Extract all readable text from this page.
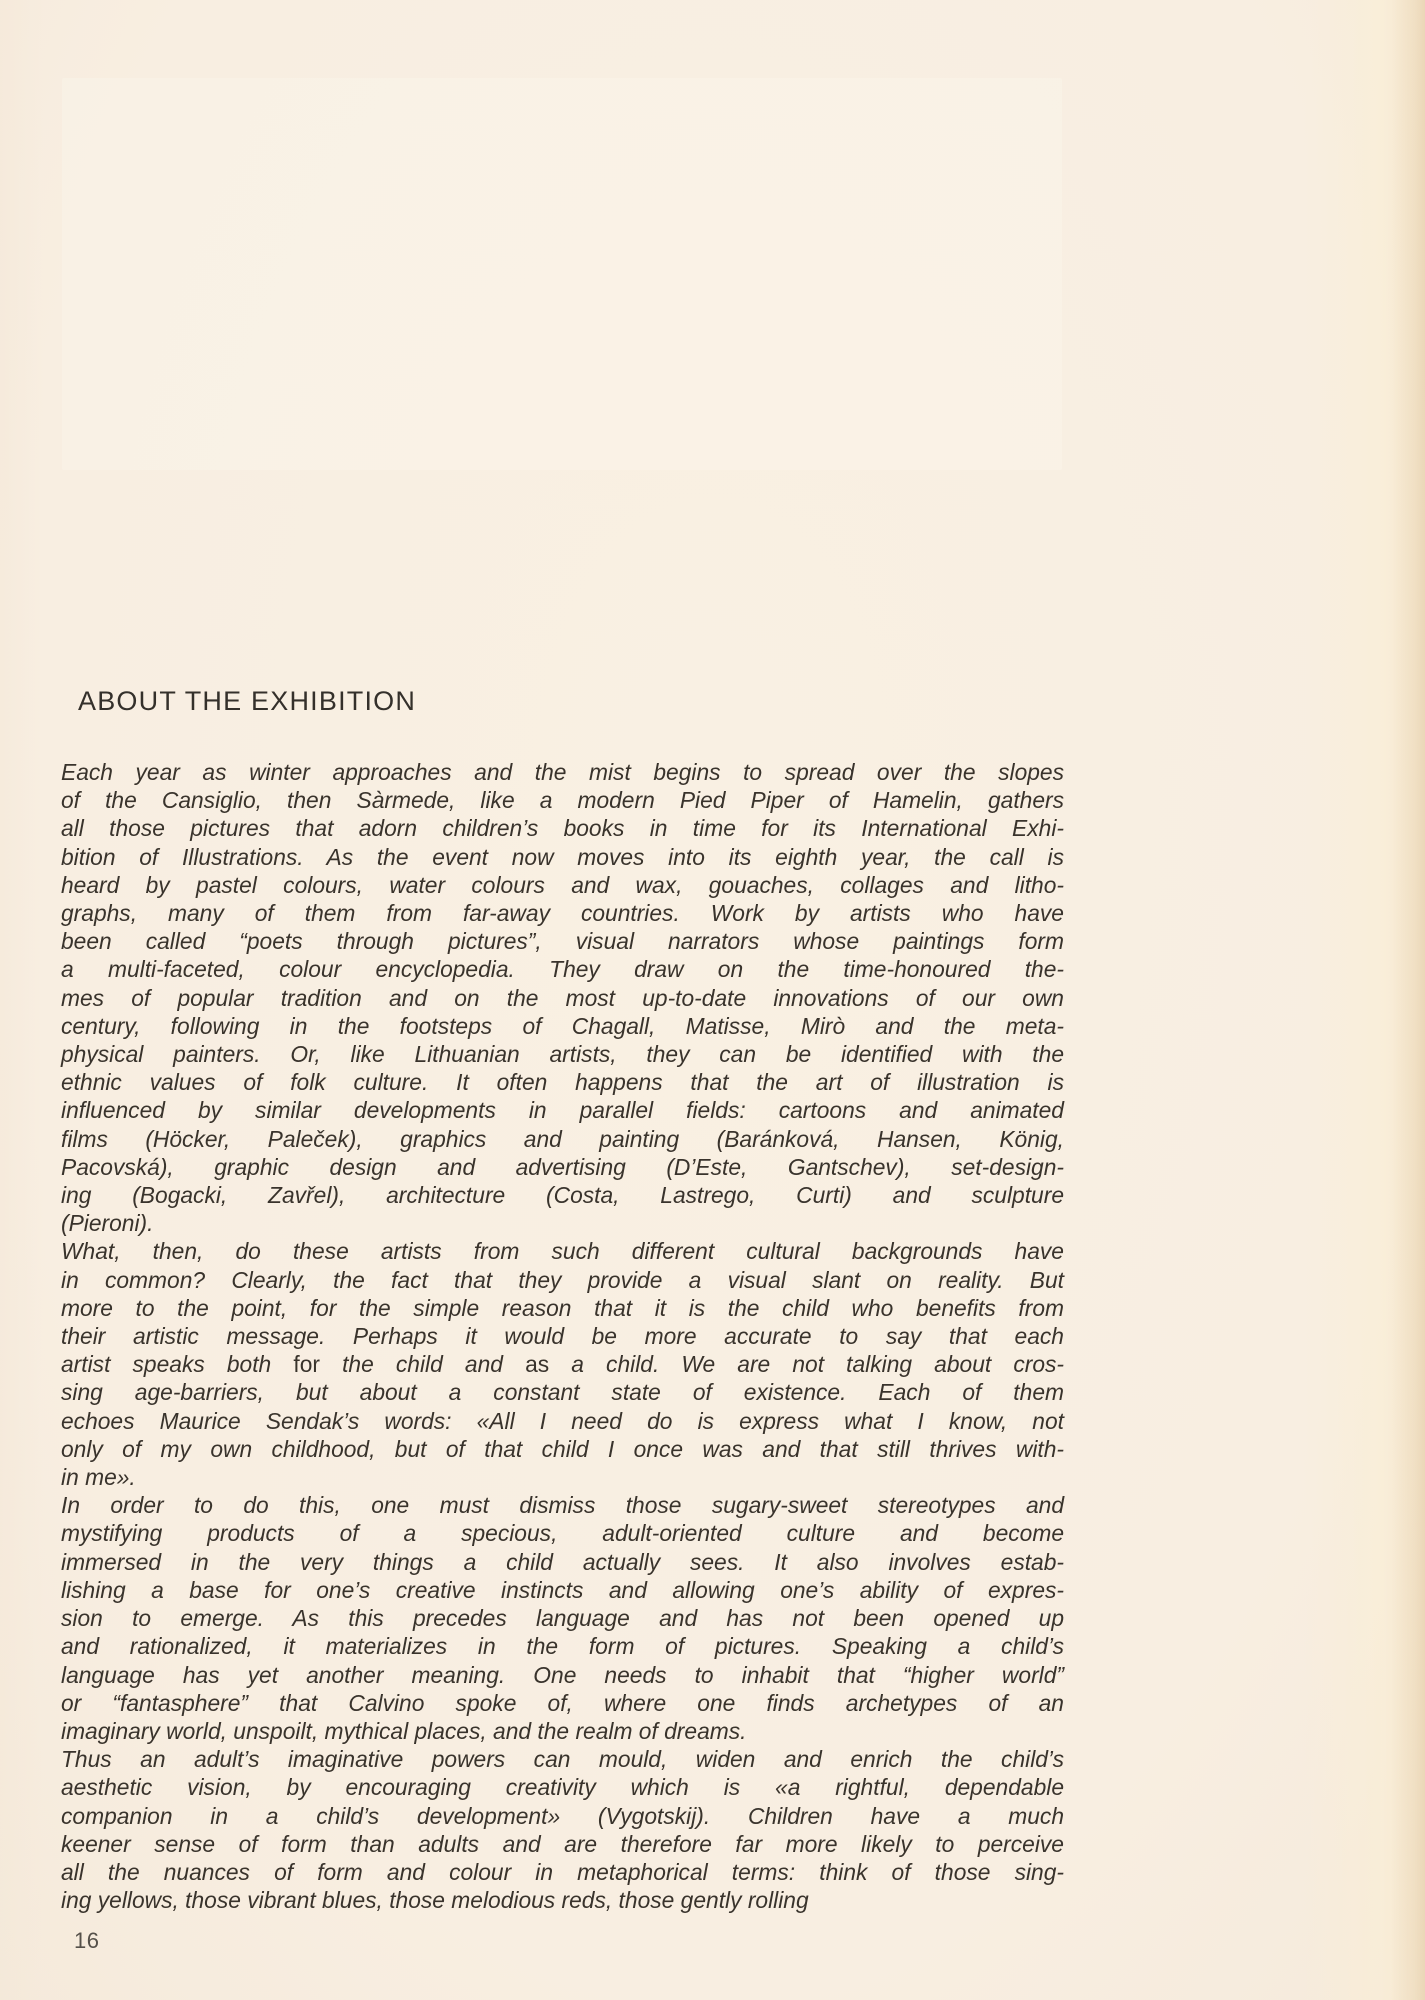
ABOUT THE EXHIBITION
Each year as winter approaches and the mist begins to spread over the slopes
of the Cansiglio, then Sàrmede, like a modern Pied Piper of Hamelin, gathers
all those pictures that adorn children’s books in time for its International Exhi-
bition of Illustrations. As the event now moves into its eighth year, the call is
heard by pastel colours, water colours and wax, gouaches, collages and litho-
graphs, many of them from far-away countries. Work by artists who have
been called “poets through pictures”, visual narrators whose paintings form
a multi-faceted, colour encyclopedia. They draw on the time-honoured the-
mes of popular tradition and on the most up-to-date innovations of our own
century, following in the footsteps of Chagall, Matisse, Mirò and the meta-
physical painters. Or, like Lithuanian artists, they can be identified with the
ethnic values of folk culture. It often happens that the art of illustration is
influenced by similar developments in parallel fields: cartoons and animated
films (Höcker, Paleček), graphics and painting (Baránková, Hansen, König,
Pacovská), graphic design and advertising (D’Este, Gantschev), set-design-
ing (Bogacki, Zavřel), architecture (Costa, Lastrego, Curti) and sculpture
(Pieroni).
What, then, do these artists from such different cultural backgrounds have
in common? Clearly, the fact that they provide a visual slant on reality. But
more to the point, for the simple reason that it is the child who benefits from
their artistic message. Perhaps it would be more accurate to say that each
artist speaks both for the child and as a child. We are not talking about cros-
sing age-barriers, but about a constant state of existence. Each of them
echoes Maurice Sendak’s words: «All I need do is express what I know, not
only of my own childhood, but of that child I once was and that still thrives with-
in me».
In order to do this, one must dismiss those sugary-sweet stereotypes and
mystifying products of a specious, adult-oriented culture and become
immersed in the very things a child actually sees. It also involves estab-
lishing a base for one’s creative instincts and allowing one’s ability of expres-
sion to emerge. As this precedes language and has not been opened up
and rationalized, it materializes in the form of pictures. Speaking a child’s
language has yet another meaning. One needs to inhabit that “higher world”
or “fantasphere” that Calvino spoke of, where one finds archetypes of an
imaginary world, unspoilt, mythical places, and the realm of dreams.
Thus an adult’s imaginative powers can mould, widen and enrich the child’s
aesthetic vision, by encouraging creativity which is «a rightful, dependable
companion in a child’s development» (Vygotskij). Children have a much
keener sense of form than adults and are therefore far more likely to perceive
all the nuances of form and colour in metaphorical terms: think of those sing-
ing yellows, those vibrant blues, those melodious reds, those gently rolling
16
